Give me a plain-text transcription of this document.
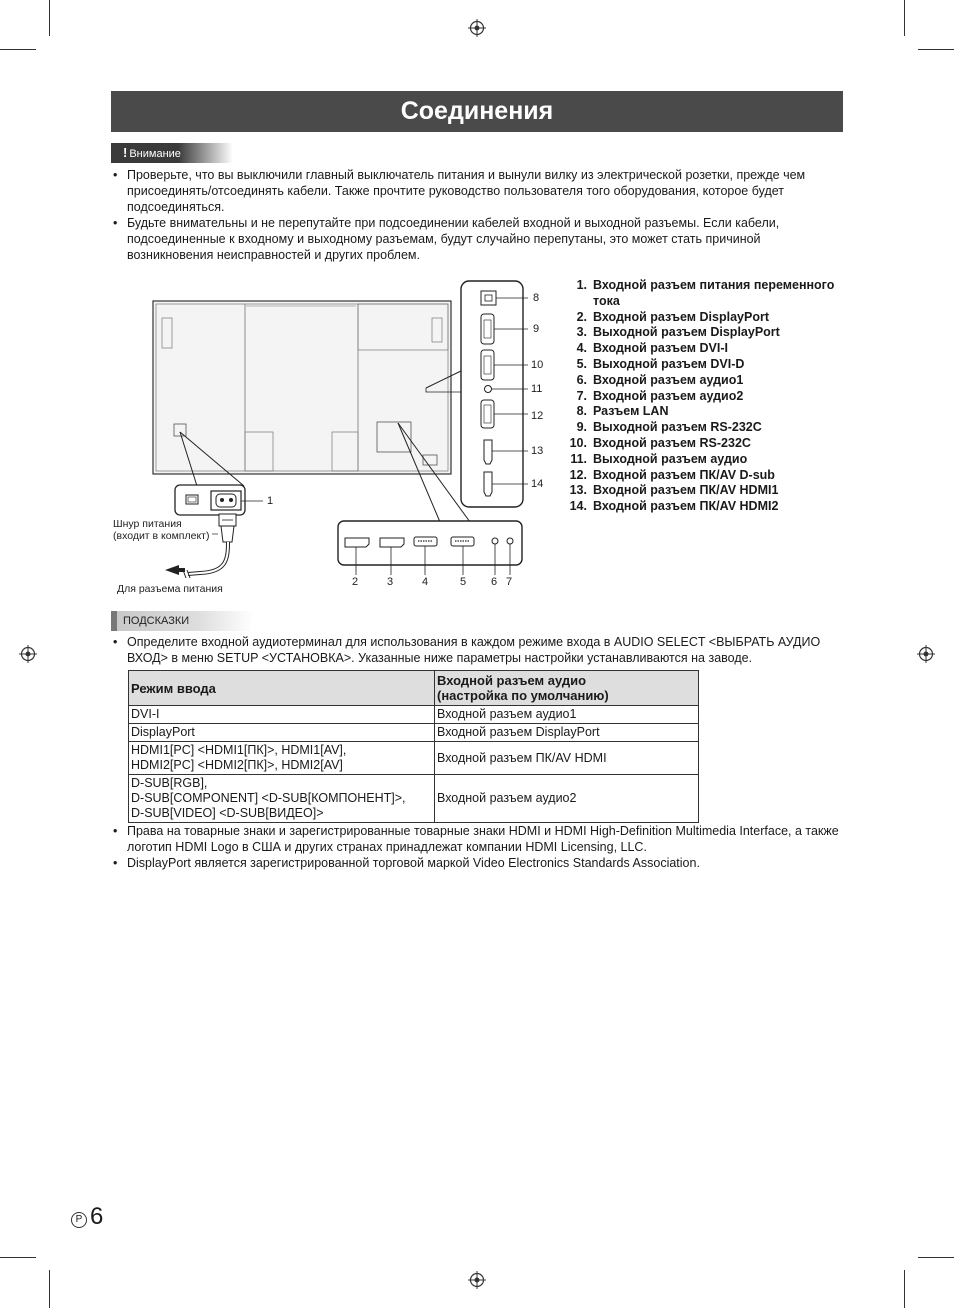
Соединения
! Внимание
• Проверьте, что вы выключили главный выключатель питания и вынули вилку из электрической розетки, прежде чем присоединять/отсоединять кабели. Также прочтите руководство пользователя того оборудования, которое будет подсоединяться.
• Будьте внимательны и не перепутайте при подсоединении кабелей входной и выходной разъемы. Если кабели, подсоединенные к входному и выходному разъемам, будут случайно перепутаны, это может стать причиной возникновения неисправностей и других проблем.
1
8
9
10
11
12
13
14
2	3	4	5 6 7
Шнур питания
(входит в комплект)
Для разъема питания
1. Входной разъем питания переменного тока
2. Входной разъем DisplayPort
3. Выходной разъем DisplayPort
4. Входной разъем DVI-I
5. Выходной разъем DVI-D
6. Входной разъем аудио1
7. Входной разъем аудио2
8. Разъем LAN
9. Выходной разъем RS-232C
10. Входной разъем RS-232C
11. Выходной разъем аудио
12. Входной разъем ПК/AV D-sub
13. Входной разъем ПК/AV HDMI1
14. Входной разъем ПК/AV HDMI2
ПОДСКАЗКИ
• Определите входной аудиотерминал для использования в каждом режиме входа в AUDIO SELECT <ВЫБРАТЬ АУДИО ВХОД> в меню SETUP <УСТАНОВКА>. Указанные ниже параметры настройки устанавливаются на заводе.
Режим ввода	Входной разъем аудио
(настройка по умолчанию)

DVI-I	Входной разъем аудио1
DisplayPort	Входной разъем DisplayPort

HDMI1[PC] <HDMI1[ПК]>, HDMI1[AV],
HDMI2[PC] <HDMI2[ПК]>, HDMI2[AV]	Входной разъем ПК/AV HDMI

D-SUB[RGB],
D-SUB[COMPONENT] <D-SUB[КОМПОНЕНТ]>,
D-SUB[VIDEO] <D-SUB[ВИДЕО]>	Входной разъем аудио2
• Права на товарные знаки и зарегистрированные товарные знаки HDMI и HDMI High-Definition Multimedia Interface, а также логотип HDMI Logo в США и других странах принадлежат компании HDMI Licensing, LLC.
• DisplayPort является зарегистрированной торговой маркой Video Electronics Standards Association.
P 6
